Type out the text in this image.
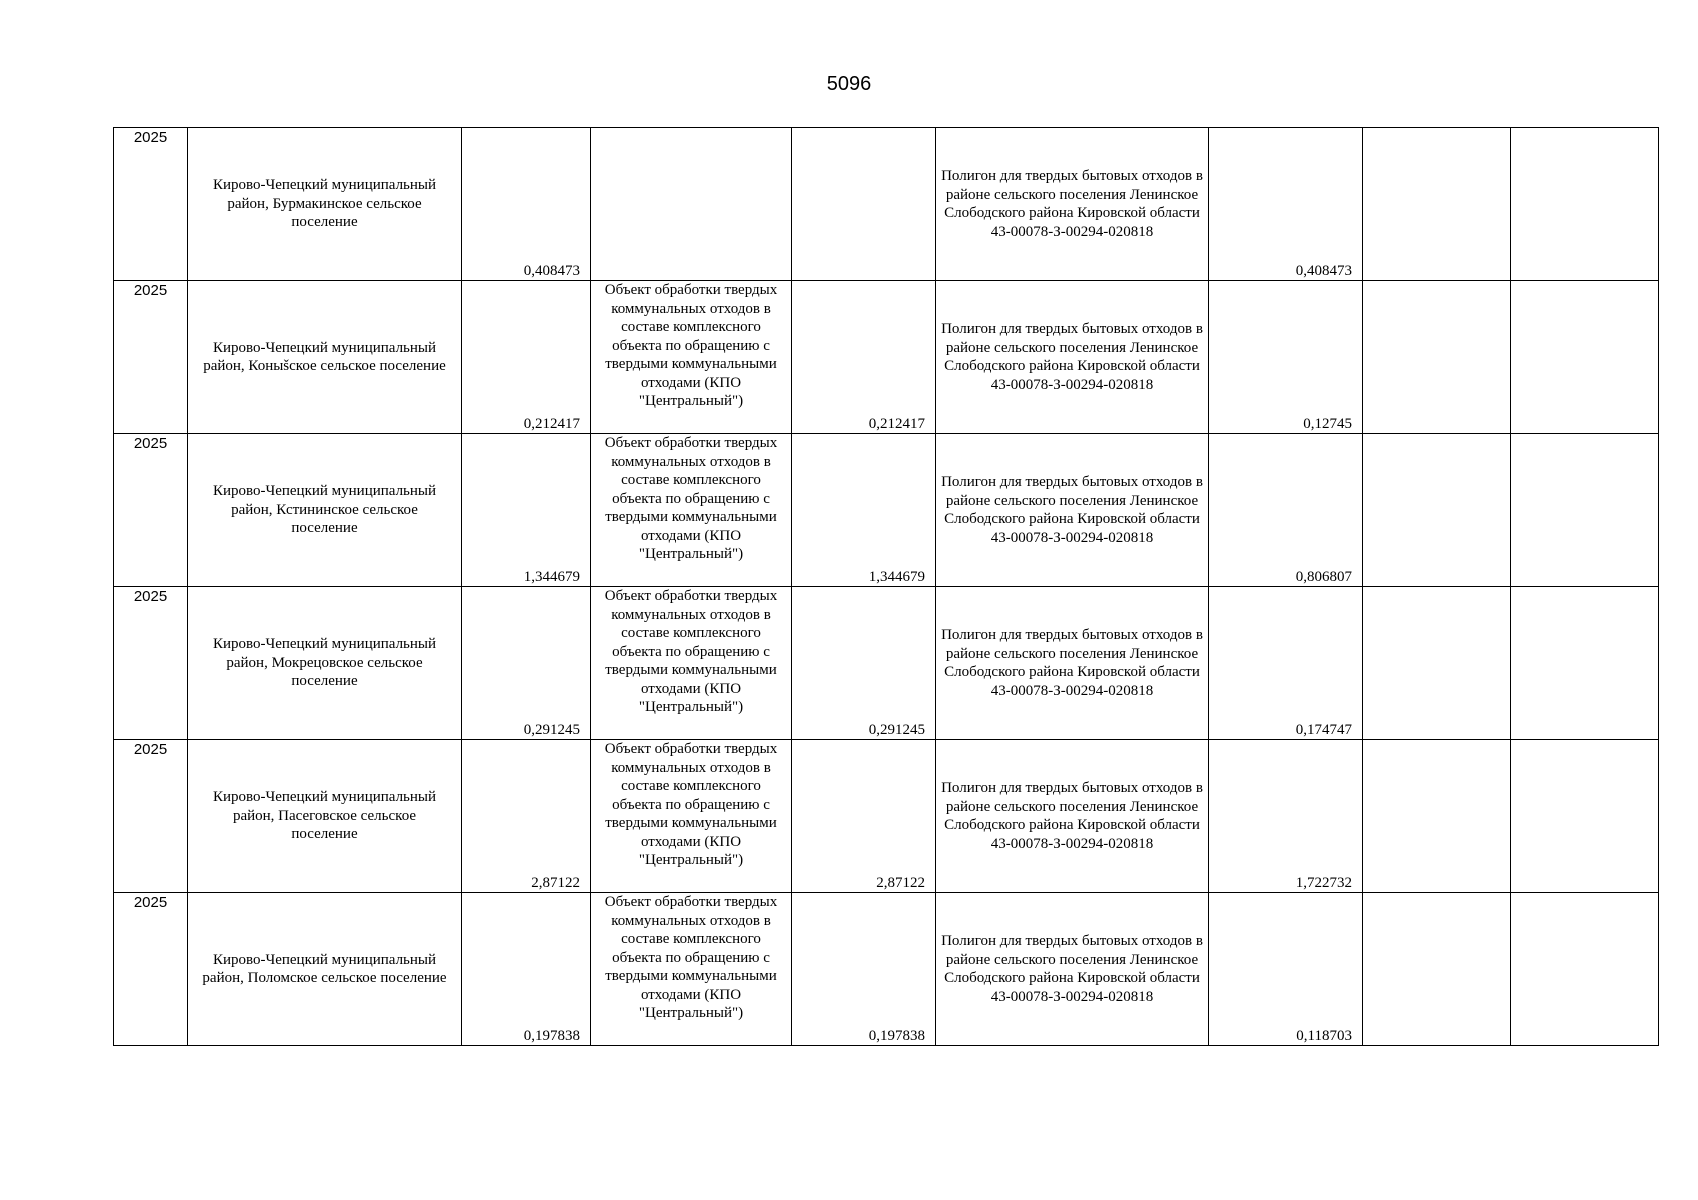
5096
2025	Кирово-Чепецкий муниципальный район, Бурмакинское сельское поселение	0,408473			Полигон для твердых бытовых отходов в районе сельского поселения Ленинское Слободского района Кировской области 43-00078-З-00294-020818	0,408473		

2025	Кирово-Чепецкий муниципальный район, Коныšское сельское поселение	0,212417	Объект обработки твердых коммунальных отходов в составе комплексного объекта по обращению с твердыми коммунальными отходами (КПО "Центральный")	0,212417	Полигон для твердых бытовых отходов в районе сельского поселения Ленинское Слободского района Кировской области 43-00078-З-00294-020818	0,12745		

2025	Кирово-Чепецкий муниципальный район, Кстининское сельское поселение	1,344679	Объект обработки твердых коммунальных отходов в составе комплексного объекта по обращению с твердыми коммунальными отходами (КПО "Центральный")	1,344679	Полигон для твердых бытовых отходов в районе сельского поселения Ленинское Слободского района Кировской области 43-00078-З-00294-020818	0,806807		

2025	Кирово-Чепецкий муниципальный район, Мокрецовское сельское поселение	0,291245	Объект обработки твердых коммунальных отходов в составе комплексного объекта по обращению с твердыми коммунальными отходами (КПО "Центральный")	0,291245	Полигон для твердых бытовых отходов в районе сельского поселения Ленинское Слободского района Кировской области 43-00078-З-00294-020818	0,174747		

2025	Кирово-Чепецкий муниципальный район, Пасеговское сельское поселение	2,87122	Объект обработки твердых коммунальных отходов в составе комплексного объекта по обращению с твердыми коммунальными отходами (КПО "Центральный")	2,87122	Полигон для твердых бытовых отходов в районе сельского поселения Ленинское Слободского района Кировской области 43-00078-З-00294-020818	1,722732		

2025	Кирово-Чепецкий муниципальный район, Поломское сельское поселение	0,197838	Объект обработки твердых коммунальных отходов в составе комплексного объекта по обращению с твердыми коммунальными отходами (КПО "Центральный")	0,197838	Полигон для твердых бытовых отходов в районе сельского поселения Ленинское Слободского района Кировской области 43-00078-З-00294-020818	0,118703		
